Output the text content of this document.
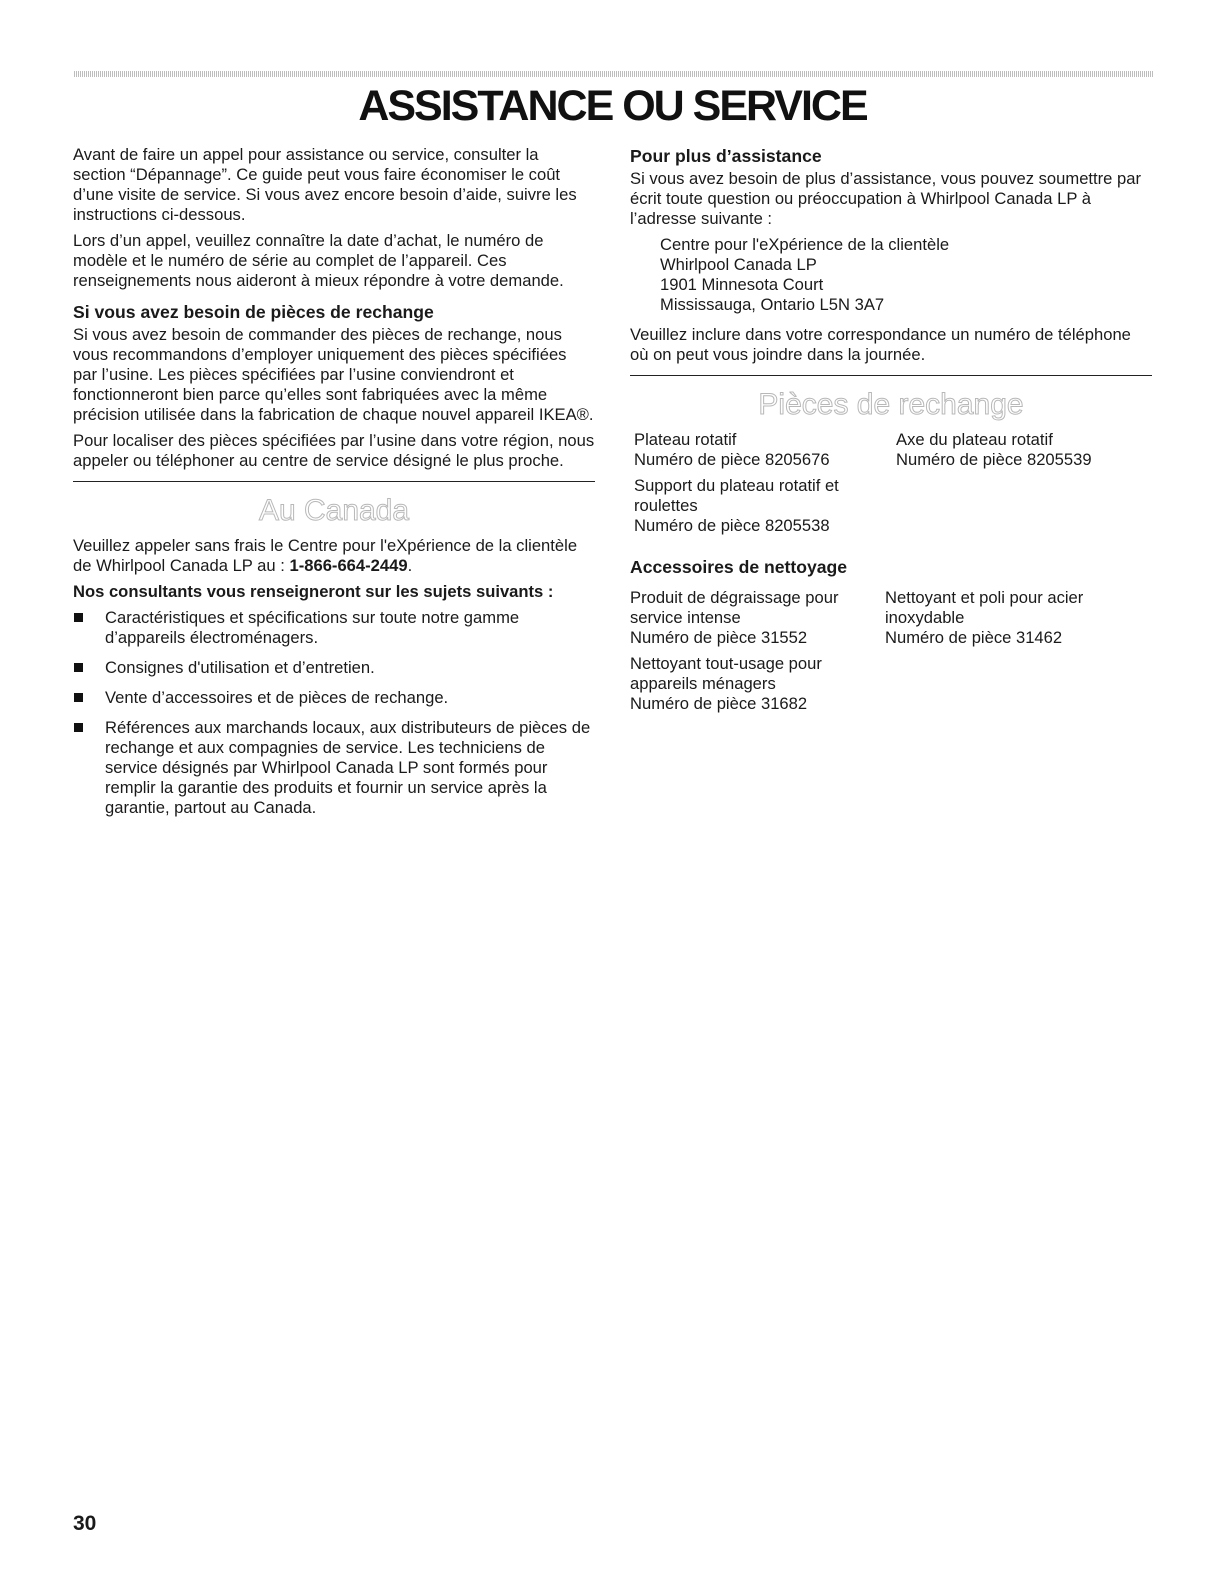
ASSISTANCE OU SERVICE

Avant de faire un appel pour assistance ou service, consulter la section “Dépannage”. Ce guide peut vous faire économiser le coût d’une visite de service. Si vous avez encore besoin d’aide, suivre les instructions ci-dessous.

Lors d’un appel, veuillez connaître la date d’achat, le numéro de modèle et le numéro de série au complet de l’appareil. Ces renseignements nous aideront à mieux répondre à votre demande.

Si vous avez besoin de pièces de rechange

Si vous avez besoin de commander des pièces de rechange, nous vous recommandons d’employer uniquement des pièces spécifiées par l’usine. Les pièces spécifiées par l’usine conviendront et fonctionneront bien parce qu’elles sont fabriquées avec la même précision utilisée dans la fabrication de chaque nouvel appareil IKEA®.

Pour localiser des pièces spécifiées par l’usine dans votre région, nous appeler ou téléphoner au centre de service désigné le plus proche.

Au Canada

Veuillez appeler sans frais le Centre pour l'eXpérience de la clientèle de Whirlpool Canada LP au : 1-866-664-2449.

Nos consultants vous renseigneront sur les sujets suivants :

Caractéristiques et spécifications sur toute notre gamme d’appareils électroménagers.
Consignes d'utilisation et d’entretien.
Vente d’accessoires et de pièces de rechange.
Références aux marchands locaux, aux distributeurs de pièces de rechange et aux compagnies de service. Les techniciens de service désignés par Whirlpool Canada LP sont formés pour remplir la garantie des produits et fournir un service après la garantie, partout au Canada.
Pour plus d’assistance

Si vous avez besoin de plus d’assistance, vous pouvez soumettre par écrit toute question ou préoccupation à Whirlpool Canada LP à l’adresse suivante :

Centre pour l'eXpérience de la clientèle
Whirlpool Canada LP
1901 Minnesota Court
Mississauga, Ontario L5N 3A7

Veuillez inclure dans votre correspondance un numéro de téléphone où on peut vous joindre dans la journée.

Pièces de rechange
Plateau rotatif
Numéro de pièce 8205676
Support du plateau rotatif et roulettes
Numéro de pièce 8205538
Axe du plateau rotatif
Numéro de pièce 8205539
Accessoires de nettoyage
Produit de dégraissage pour service intense
Numéro de pièce 31552
Nettoyant tout-usage pour appareils ménagers
Numéro de pièce 31682
Nettoyant et poli pour acier inoxydable
Numéro de pièce 31462
30
